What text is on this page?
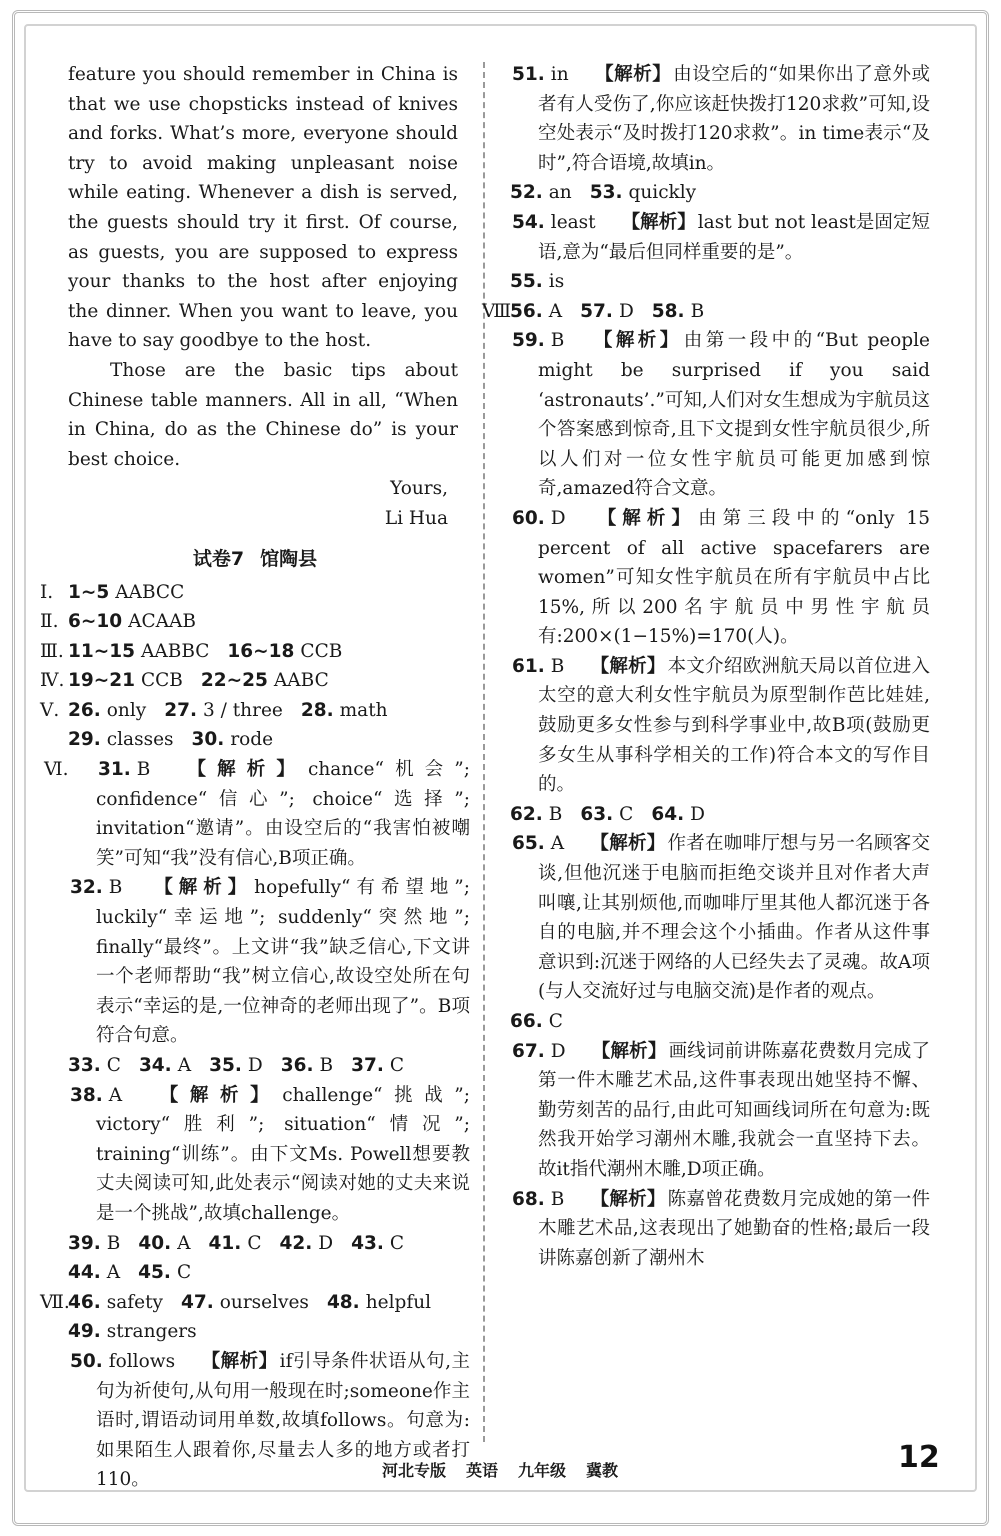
feature you should remember in China is that we use chopsticks instead of knives and forks. What’s more, everyone should try to avoid making unpleasant noise while eating. Whenever a dish is served, the guests should try it first. Of course, as guests, you are supposed to express your thanks to the host after enjoying the dinner. When you want to leave, you have to say goodbye to the host.

Those are the basic tips about Chinese table manners. All in all, “When in China, do as the Chinese do” is your best choice.

Yours,
Li Hua
试卷7 馆陶县
Ⅰ. 1~5 AABCC
Ⅱ. 6~10 ACAAB
Ⅲ. 11~15 AABBC 16~18 CCB
Ⅳ. 19~21 CCB 22~25 AABC
Ⅴ. 26. only 27. 3 / three 28. math
29. classes 30. rode
Ⅵ. 31. B 【解析】 chance“机会”; confidence“信心”; choice“选择”; invitation“邀请”。由设空后的“我害怕被嘲笑”可知“我”没有信心,B项正确。
32. B 【解析】 hopefully“有希望地”; luckily“幸运地”; suddenly“突然地”; finally“最终”。上文讲“我”缺乏信心,下文讲一个老师帮助“我”树立信心,故设空处所在句表示“幸运的是,一位神奇的老师出现了”。B项符合句意。
33. C 34. A 35. D 36. B 37. C
38. A 【解析】 challenge“挑战”; victory“胜利”; situation“情况”; training“训练”。由下文Ms. Powell想要教丈夫阅读可知,此处表示“阅读对她的丈夫来说是一个挑战”,故填challenge。
39. B 40. A 41. C 42. D 43. C
44. A 45. C
Ⅶ.46. safety 47. ourselves 48. helpful
49. strangers
50. follows 【解析】 if引导条件状语从句,主句为祈使句,从句用一般现在时;someone作主语时,谓语动词用单数,故填follows。句意为:如果陌生人跟着你,尽量去人多的地方或者打110。
51. in 【解析】 由设空后的“如果你出了意外或者有人受伤了,你应该赶快拨打120求救”可知,设空处表示“及时拨打120求救”。in time表示“及时”,符合语境,故填in。
52. an 53. quickly
54. least 【解析】 last but not least是固定短语,意为“最后但同样重要的是”。
55. is
Ⅷ.56. A 57. D 58. B
59. B 【解析】 由第一段中的“But people might be surprised if you said ‘astronauts’.”可知,人们对女生想成为宇航员这个答案感到惊奇,且下文提到女性宇航员很少,所以人们对一位女性宇航员可能更加感到惊奇,amazed符合文意。
60. D 【解析】 由第三段中的“only 15 percent of all active spacefarers are women”可知女性宇航员在所有宇航员中占比15%,所以200名宇航员中男性宇航员有:200×(1−15%)=170(人)。
61. B 【解析】 本文介绍欧洲航天局以首位进入太空的意大利女性宇航员为原型制作芭比娃娃,鼓励更多女性参与到科学事业中,故B项(鼓励更多女生从事科学相关的工作)符合本文的写作目的。
62. B 63. C 64. D
65. A 【解析】 作者在咖啡厅想与另一名顾客交谈,但他沉迷于电脑而拒绝交谈并且对作者大声叫嚷,让其别烦他,而咖啡厅里其他人都沉迷于各自的电脑,并不理会这个小插曲。作者从这件事意识到:沉迷于网络的人已经失去了灵魂。故A项(与人交流好过与电脑交流)是作者的观点。
66. C
67. D 【解析】 画线词前讲陈嘉花费数月完成了第一件木雕艺术品,这件事表现出她坚持不懈、勤劳刻苦的品行,由此可知画线词所在句意为:既然我开始学习潮州木雕,我就会一直坚持下去。故it指代潮州木雕,D项正确。
68. B 【解析】 陈嘉曾花费数月完成她的第一件木雕艺术品,这表现出了她勤奋的性格;最后一段讲陈嘉创新了潮州木
河北专版 英语 九年级 冀教	12
